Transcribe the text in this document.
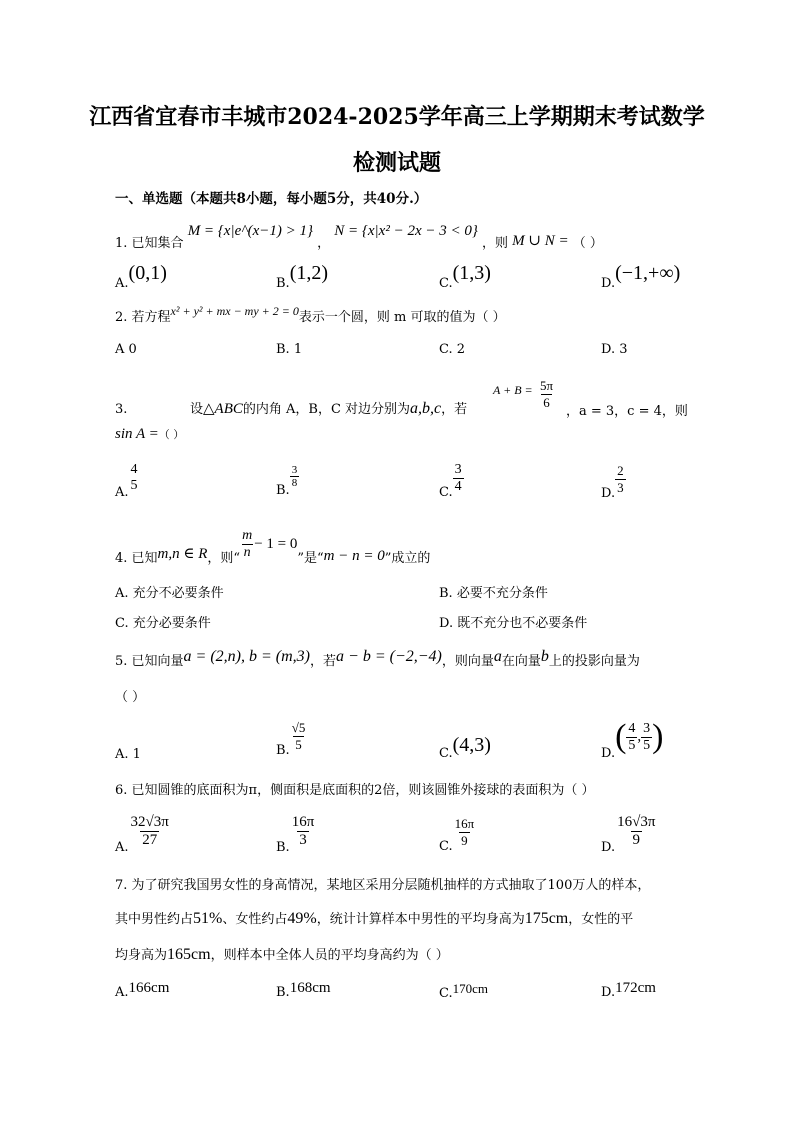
江西省宜春市丰城市2024-2025学年高三上学期期末考试数学
检测试题
一、单选题（本题共8小题，每小题5分，共40分.）
1. 已知集合 M = {x|e^(x−1) > 1} ， N = {x|x² − 2x − 3 < 0} ，则 M ∪ N = （ ）
A.(0,1)	B.(1,2)	C.(1,3)	D.(−1,+∞)
2. 若方程x² + y² + mx − my + 2 = 0表示一个圆，则 m 可取的值为（ ）
A 0	B. 1	C. 2	D. 3
3.	设△ABC的内角 A，B，C 对边分别为a,b,c，若
$A + B = \frac{5\pi}{6}$
，a = 3，c = 4，则
sin A =（ ）
A.
4
5	B.
$\frac{3}{8}$
C. $\frac{3}{4}$	D. $\frac{2}{3}$
4. 已知m,n ∈ R，则“ $\frac{m}{n} - 1 = 0$”是“m − n = 0”成立的
A. 充分不必要条件	B. 必要不充分条件
C. 充分必要条件	D. 既不充分也不必要条件
5. 已知向量a = (2,n), b = (m,3)，若a − b = (−2,−4)，则向量a在向量b上的投影向量为
（ ）
A. 1	B. $\frac{√5}{5}$
C.(4,3)	$D.( \frac{4}{5}$ , $\frac{3}{5}$ )
6. 已知圆锥的底面积为π，侧面积是底面积的2倍，则该圆锥外接球的表面积为（ ）
A. $\frac{32√3\pi}{27}$	B. $\frac{16\pi}{3}$	C. $\frac{16\pi}{9}$	D. $\frac{16√3\pi}{9}$
7. 为了研究我国男女性的身高情况，某地区采用分层随机抽样的方式抽取了100万人的样本，
其中男性约占51%、女性约占49%，统计计算样本中男性的平均身高为175cm，女性的平
均身高为165cm，则样本中全体人员的平均身高约为（ ）
A.166cm	B.168cm	C.170cm	D.172cm
